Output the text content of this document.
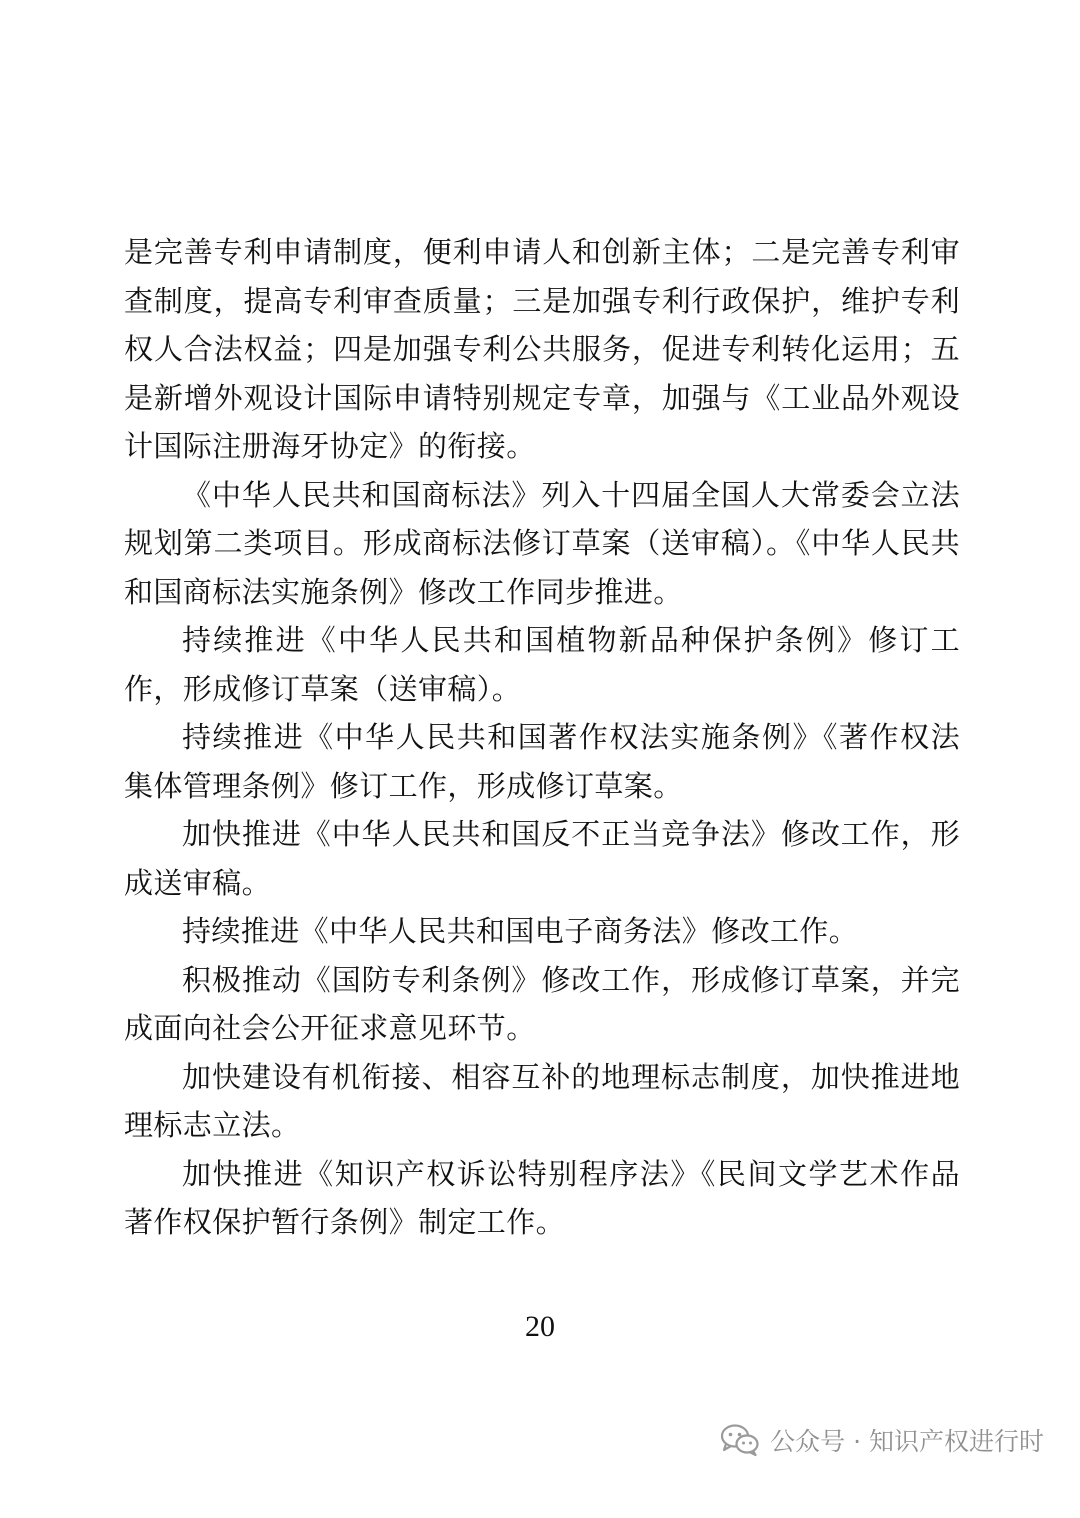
是完善专利申请制度，便利申请人和创新主体；二是完善专利审查制度，提高专利审查质量；三是加强专利行政保护，维护专利权人合法权益；四是加强专利公共服务，促进专利转化运用；五是新增外观设计国际申请特别规定专章，加强与《工业品外观设计国际注册海牙协定》的衔接。

《中华人民共和国商标法》列入十四届全国人大常委会立法规划第二类项目。形成商标法修订草案（送审稿）。《中华人民共和国商标法实施条例》修改工作同步推进。

持续推进《中华人民共和国植物新品种保护条例》修订工作，形成修订草案（送审稿）。

持续推进《中华人民共和国著作权法实施条例》《著作权法集体管理条例》修订工作，形成修订草案。

加快推进《中华人民共和国反不正当竞争法》修改工作，形成送审稿。

持续推进《中华人民共和国电子商务法》修改工作。

积极推动《国防专利条例》修改工作，形成修订草案，并完成面向社会公开征求意见环节。

加快建设有机衔接、相容互补的地理标志制度，加快推进地理标志立法。

加快推进《知识产权诉讼特别程序法》《民间文学艺术作品著作权保护暂行条例》制定工作。

20
公众号 · 知识产权进行时
